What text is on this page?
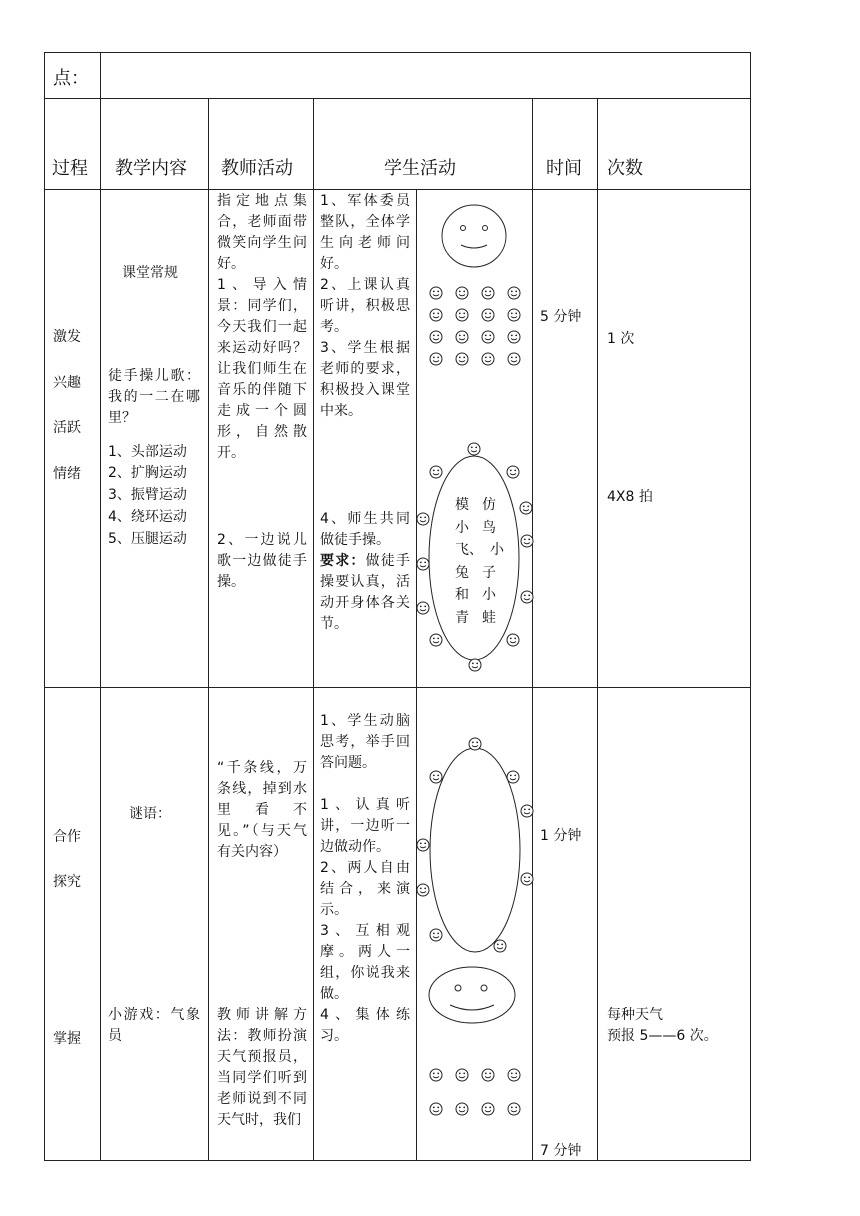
点：
过程 教学内容 教师活动	学生活动	时间 次数
激发
兴趣
活跃
情绪
课堂常规
徒手操儿歌：我的一二在哪里？
1、头部运动
2、扩胸运动
3、振臂运动
4、绕环运动
5、压腿运动
指定地点集合，老师面带微笑向学生问好。
1、导入情景：同学们，今天我们一起来运动好吗？让我们师生在音乐的伴随下走成一个圆形，自然散开。
2、一边说儿歌一边做徒手操。
1、军体委员整队，全体学生向老师问好。
2、上课认真听讲，积极思考。
3、学生根据老师的要求，积极投入课堂中来。
4、师生共同做徒手操。
要求：做徒手操要认真，活动开身体各关节。
5 分钟
1 次
4X8 拍
模 仿
小 鸟
飞、 小
兔 子
和 小
青 蛙
合作
探究
掌握
谜语：
小游戏：气象员
“千条线，万条线，掉到水里看不见。”（与天气有关内容）
教师讲解方法：教师扮演天气预报员，当同学们听到老师说到不同天气时，我们
1、学生动脑思考，举手回答问题。

1、认真听讲，一边听一边做动作。
2、两人自由结合，来演示。
3、互相观摩。两人一组，你说我来做。
4、集体练习。
1 分钟
7 分钟
每种天气
预报 5——6 次。
